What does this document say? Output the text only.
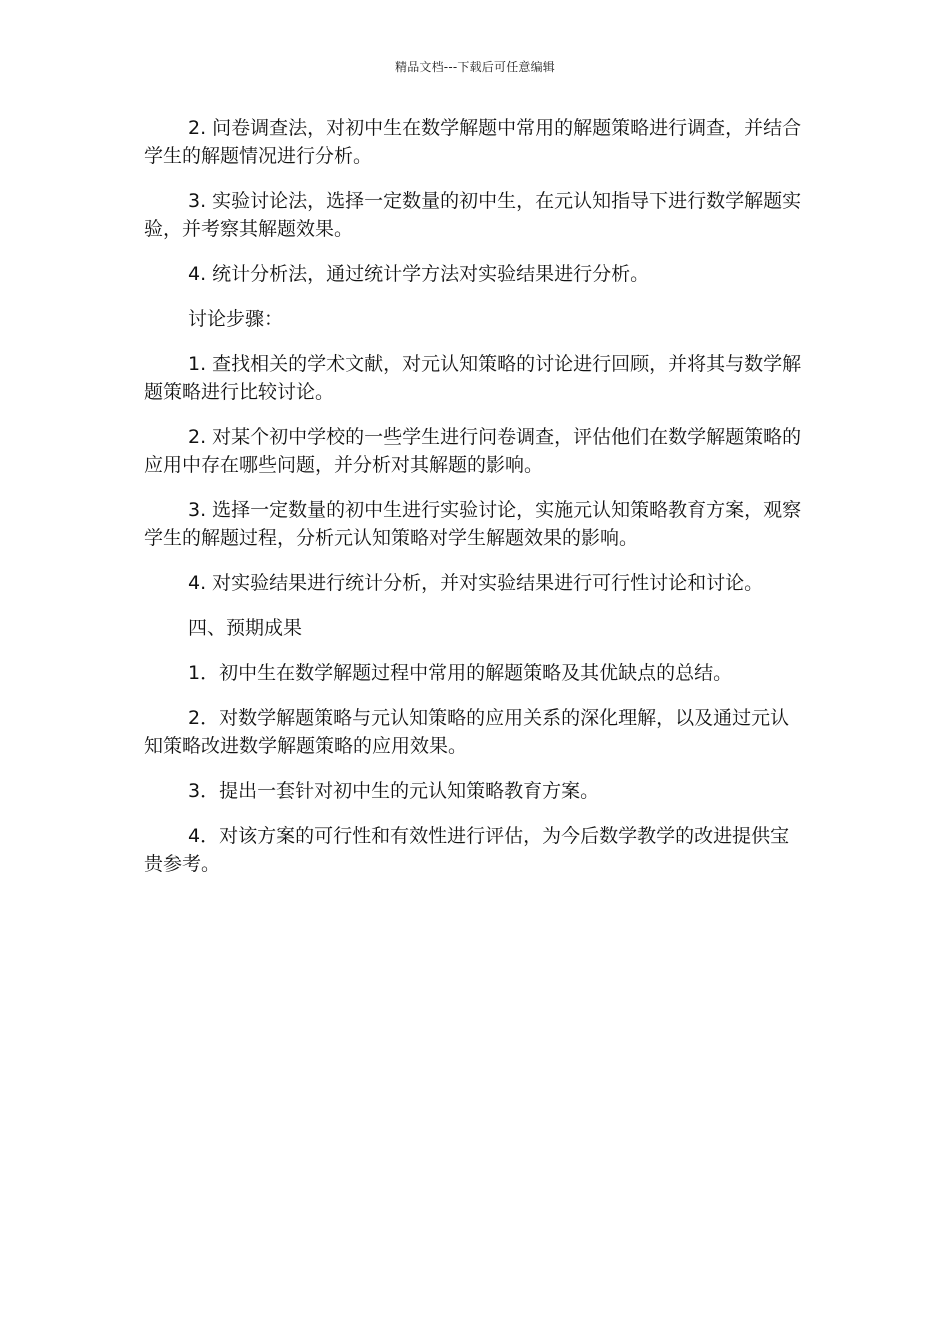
精品文档---下载后可任意编辑

2. 问卷调查法，对初中生在数学解题中常用的解题策略进行调查，并结合学生的解题情况进行分析。

3. 实验讨论法，选择一定数量的初中生，在元认知指导下进行数学解题实验，并考察其解题效果。

4. 统计分析法，通过统计学方法对实验结果进行分析。

讨论步骤：

1. 查找相关的学术文献，对元认知策略的讨论进行回顾，并将其与数学解题策略进行比较讨论。

2. 对某个初中学校的一些学生进行问卷调查，评估他们在数学解题策略的应用中存在哪些问题，并分析对其解题的影响。

3. 选择一定数量的初中生进行实验讨论，实施元认知策略教育方案，观察学生的解题过程，分析元认知策略对学生解题效果的影响。

4. 对实验结果进行统计分析，并对实验结果进行可行性讨论和讨论。

四、预期成果

1．初中生在数学解题过程中常用的解题策略及其优缺点的总结。

2．对数学解题策略与元认知策略的应用关系的深化理解，以及通过元认知策略改进数学解题策略的应用效果。

3．提出一套针对初中生的元认知策略教育方案。

4．对该方案的可行性和有效性进行评估，为今后数学教学的改进提供宝贵参考。
